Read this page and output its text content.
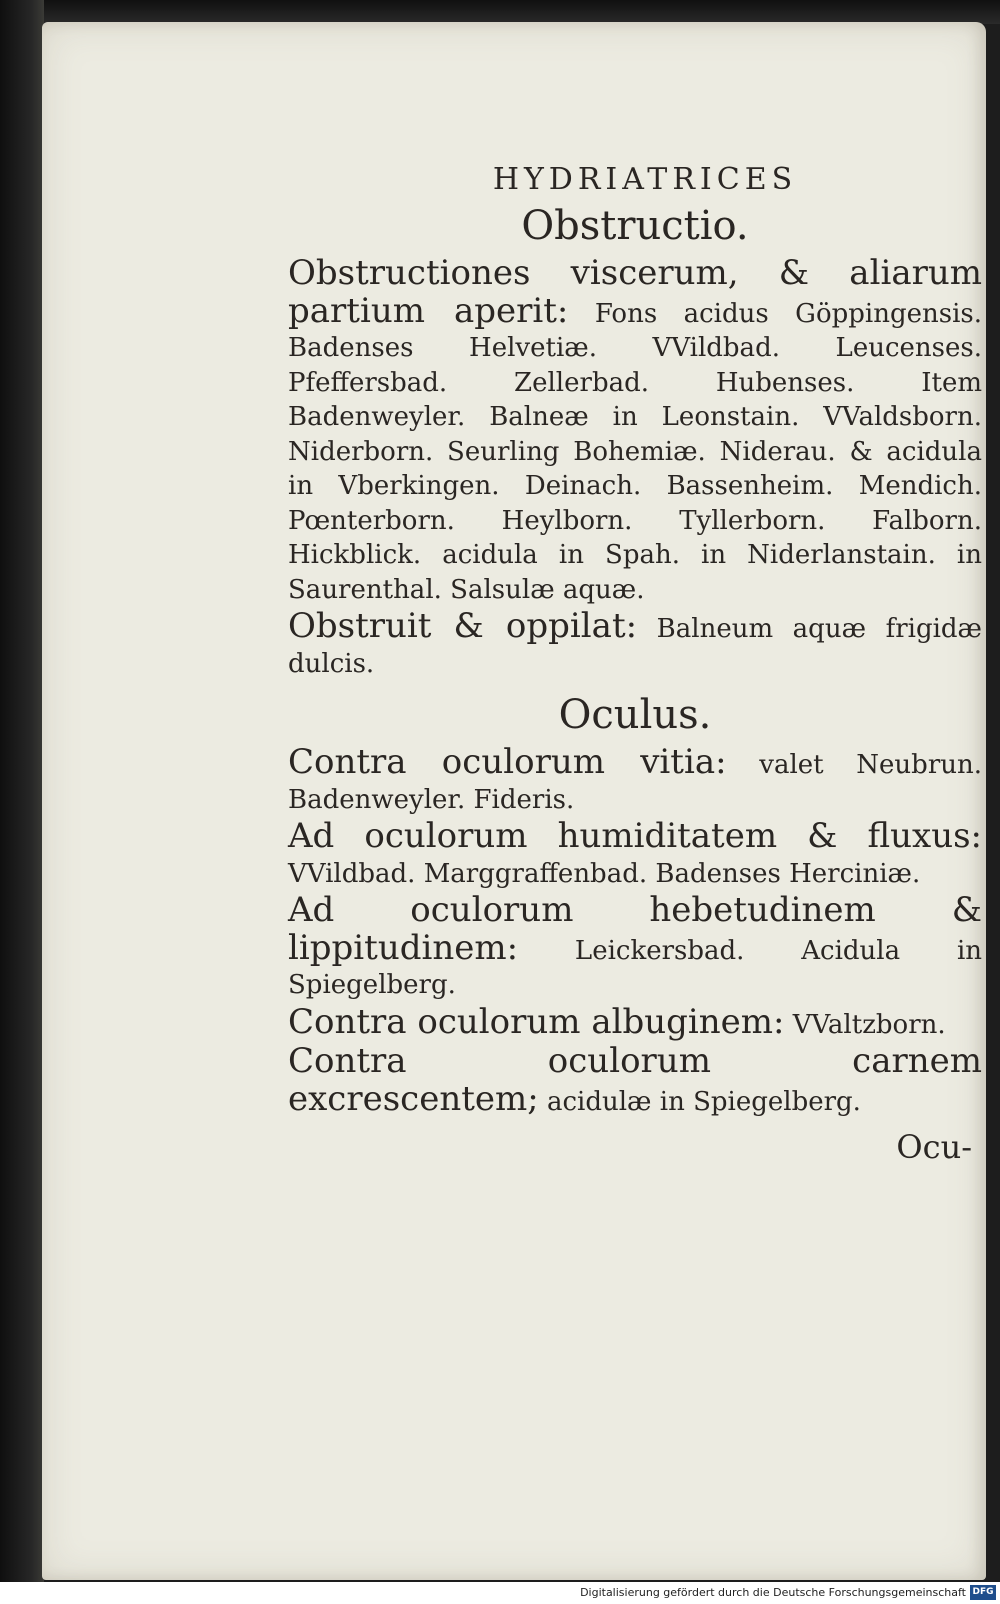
HYDRIATRICES
Obstructio.

Obstructiones viscerum, & aliarum partium aperit: Fons acidus Göppingensis. Badenses Helvetiæ. VVildbad. Leucenses. Pfeffersbad. Zellerbad. Hubenses. Item Badenweyler. Balneæ in Leonstain. VValdsborn. Niderborn. Seurling Bohemiæ. Niderau. & acidula in Vberkingen. Deinach. Bassenheim. Mendich. Pœnterborn. Heylborn. Tyllerborn. Falborn. Hickblick. acidula in Spah. in Niderlanstain. in Saurenthal. Salsulæ aquæ.

Obstruit & oppilat: Balneum aquæ frigidæ dulcis.

Oculus.

Contra oculorum vitia: valet Neubrun. Badenweyler. Fideris.

Ad oculorum humiditatem & fluxus: VVildbad. Marggraffenbad. Badenses Herciniæ.

Ad oculorum hebetudinem & lippitudinem: Leickersbad. Acidula in Spiegelberg.

Contra oculorum albuginem: VValtzborn.

Contra oculorum carnem excrescentem; acidulæ in Spiegelberg.

Ocu-
Digitalisierung gefördert durch die Deutsche Forschungsgemeinschaft DFG
